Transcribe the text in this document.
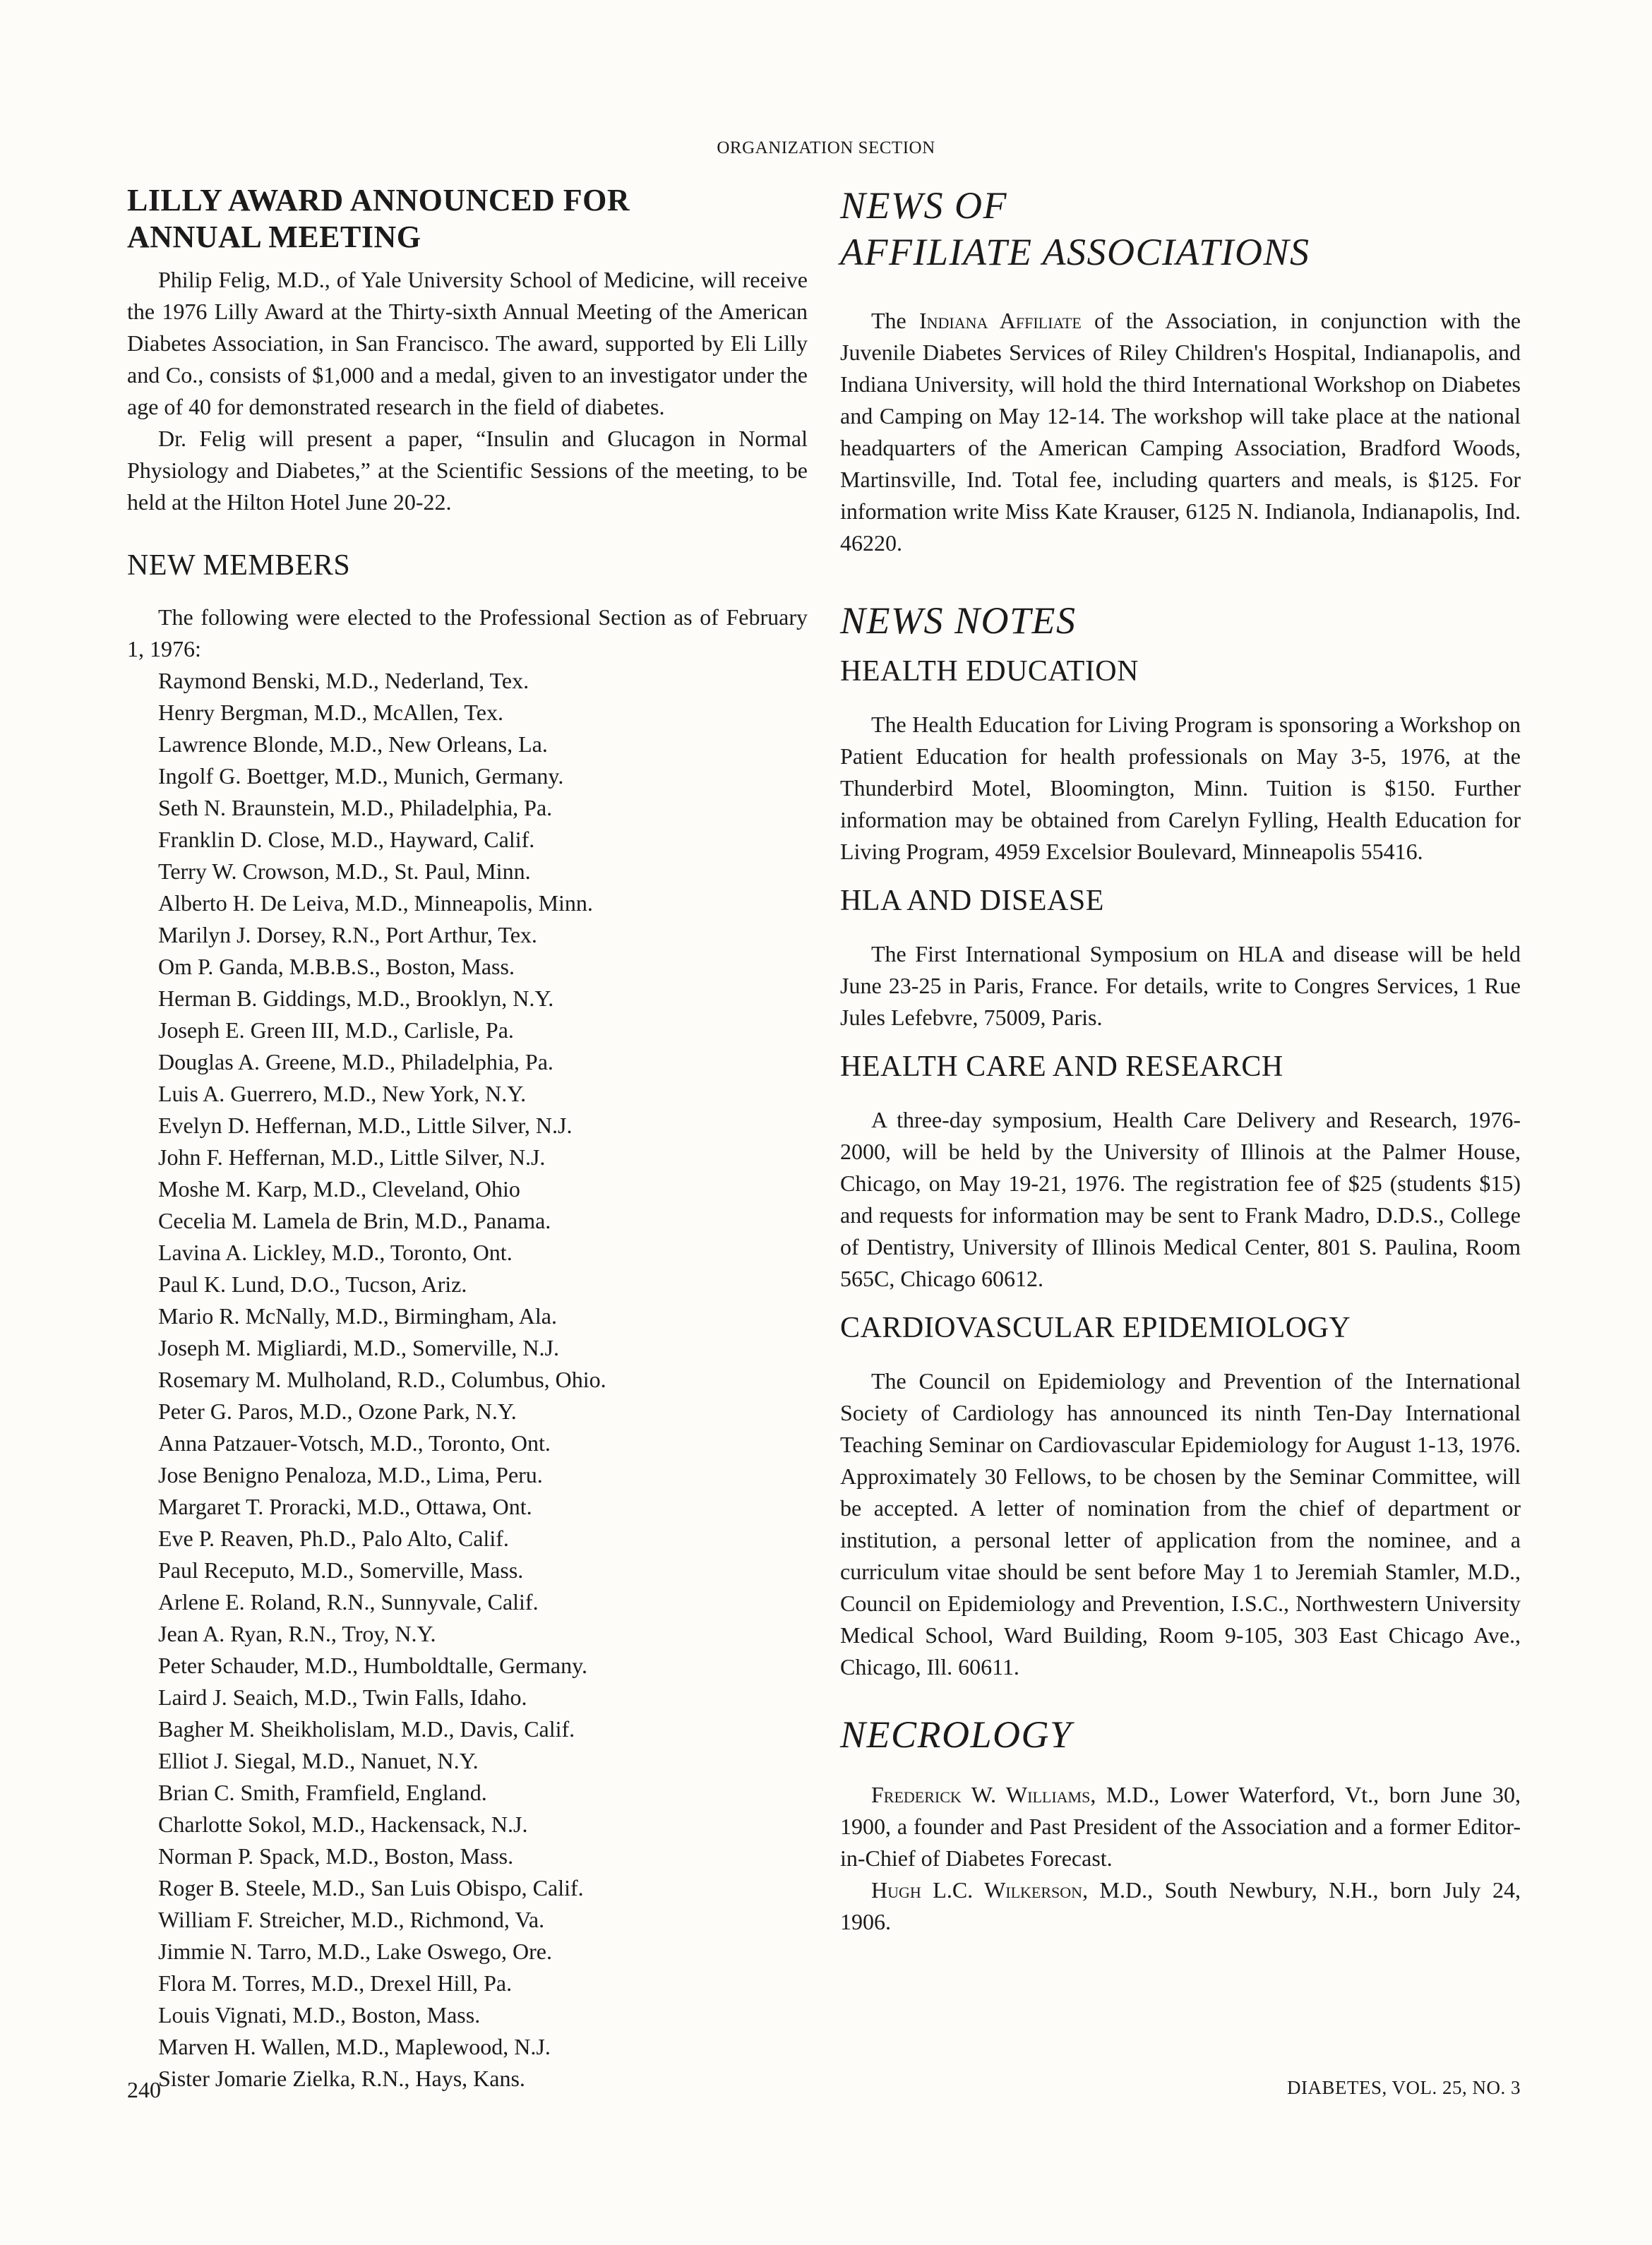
ORGANIZATION SECTION
LILLY AWARD ANNOUNCED FOR
ANNUAL MEETING

Philip Felig, M.D., of Yale University School of Medicine, will receive the 1976 Lilly Award at the Thirty-sixth Annual Meeting of the American Diabetes Association, in San Francisco. The award, supported by Eli Lilly and Co., consists of $1,000 and a medal, given to an investigator under the age of 40 for demonstrated research in the field of diabetes.

Dr. Felig will present a paper, “Insulin and Glucagon in Normal Physiology and Diabetes,” at the Scientific Sessions of the meeting, to be held at the Hilton Hotel June 20-22.

NEW MEMBERS

The following were elected to the Professional Section as of February 1, 1976:

Raymond Benski, M.D., Nederland, Tex.
Henry Bergman, M.D., McAllen, Tex.
Lawrence Blonde, M.D., New Orleans, La.
Ingolf G. Boettger, M.D., Munich, Germany.
Seth N. Braunstein, M.D., Philadelphia, Pa.
Franklin D. Close, M.D., Hayward, Calif.
Terry W. Crowson, M.D., St. Paul, Minn.
Alberto H. De Leiva, M.D., Minneapolis, Minn.
Marilyn J. Dorsey, R.N., Port Arthur, Tex.
Om P. Ganda, M.B.B.S., Boston, Mass.
Herman B. Giddings, M.D., Brooklyn, N.Y.
Joseph E. Green III, M.D., Carlisle, Pa.
Douglas A. Greene, M.D., Philadelphia, Pa.
Luis A. Guerrero, M.D., New York, N.Y.
Evelyn D. Heffernan, M.D., Little Silver, N.J.
John F. Heffernan, M.D., Little Silver, N.J.
Moshe M. Karp, M.D., Cleveland, Ohio
Cecelia M. Lamela de Brin, M.D., Panama.
Lavina A. Lickley, M.D., Toronto, Ont.
Paul K. Lund, D.O., Tucson, Ariz.
Mario R. McNally, M.D., Birmingham, Ala.
Joseph M. Migliardi, M.D., Somerville, N.J.
Rosemary M. Mulholand, R.D., Columbus, Ohio.
Peter G. Paros, M.D., Ozone Park, N.Y.
Anna Patzauer-Votsch, M.D., Toronto, Ont.
Jose Benigno Penaloza, M.D., Lima, Peru.
Margaret T. Proracki, M.D., Ottawa, Ont.
Eve P. Reaven, Ph.D., Palo Alto, Calif.
Paul Receputo, M.D., Somerville, Mass.
Arlene E. Roland, R.N., Sunnyvale, Calif.
Jean A. Ryan, R.N., Troy, N.Y.
Peter Schauder, M.D., Humboldtalle, Germany.
Laird J. Seaich, M.D., Twin Falls, Idaho.
Bagher M. Sheikholislam, M.D., Davis, Calif.
Elliot J. Siegal, M.D., Nanuet, N.Y.
Brian C. Smith, Framfield, England.
Charlotte Sokol, M.D., Hackensack, N.J.
Norman P. Spack, M.D., Boston, Mass.
Roger B. Steele, M.D., San Luis Obispo, Calif.
William F. Streicher, M.D., Richmond, Va.
Jimmie N. Tarro, M.D., Lake Oswego, Ore.
Flora M. Torres, M.D., Drexel Hill, Pa.
Louis Vignati, M.D., Boston, Mass.
Marven H. Wallen, M.D., Maplewood, N.J.
Sister Jomarie Zielka, R.N., Hays, Kans.
NEWS OF
AFFILIATE ASSOCIATIONS

The Indiana Affiliate of the Association, in conjunction with the Juvenile Diabetes Services of Riley Children's Hospital, Indianapolis, and Indiana University, will hold the third International Workshop on Diabetes and Camping on May 12-14. The workshop will take place at the national headquarters of the American Camping Association, Bradford Woods, Martinsville, Ind. Total fee, including quarters and meals, is $125. For information write Miss Kate Krauser, 6125 N. Indianola, Indianapolis, Ind. 46220.

NEWS NOTES
HEALTH EDUCATION

The Health Education for Living Program is sponsoring a Workshop on Patient Education for health professionals on May 3-5, 1976, at the Thunderbird Motel, Bloomington, Minn. Tuition is $150. Further information may be obtained from Carelyn Fylling, Health Education for Living Program, 4959 Excelsior Boulevard, Minneapolis 55416.

HLA AND DISEASE

The First International Symposium on HLA and disease will be held June 23-25 in Paris, France. For details, write to Congres Services, 1 Rue Jules Lefebvre, 75009, Paris.

HEALTH CARE AND RESEARCH

A three-day symposium, Health Care Delivery and Research, 1976-2000, will be held by the University of Illinois at the Palmer House, Chicago, on May 19-21, 1976. The registration fee of $25 (students $15) and requests for information may be sent to Frank Madro, D.D.S., College of Dentistry, University of Illinois Medical Center, 801 S. Paulina, Room 565C, Chicago 60612.

CARDIOVASCULAR EPIDEMIOLOGY

The Council on Epidemiology and Prevention of the International Society of Cardiology has announced its ninth Ten-Day International Teaching Seminar on Cardiovascular Epidemiology for August 1-13, 1976. Approximately 30 Fellows, to be chosen by the Seminar Committee, will be accepted. A letter of nomination from the chief of department or institution, a personal letter of application from the nominee, and a curriculum vitae should be sent before May 1 to Jeremiah Stamler, M.D., Council on Epidemiology and Prevention, I.S.C., Northwestern University Medical School, Ward Building, Room 9-105, 303 East Chicago Ave., Chicago, Ill. 60611.

NECROLOGY

Frederick W. Williams, M.D., Lower Waterford, Vt., born June 30, 1900, a founder and Past President of the Association and a former Editor-in-Chief of Diabetes Forecast.

Hugh L.C. Wilkerson, M.D., South Newbury, N.H., born July 24, 1906.

240	DIABETES, VOL. 25, NO. 3
